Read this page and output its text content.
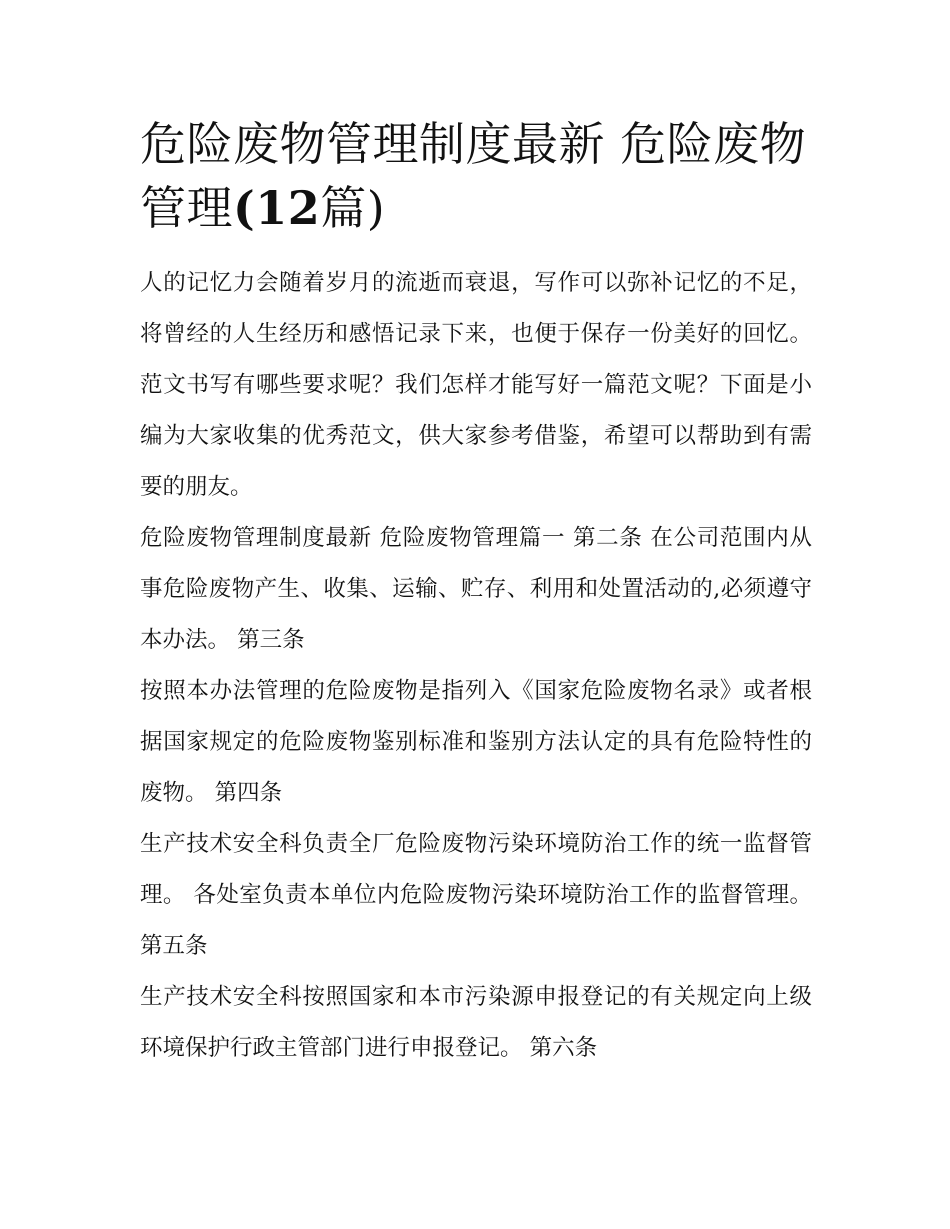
危险废物管理制度最新 危险废物管理(12篇)

人的记忆力会随着岁月的流逝而衰退，写作可以弥补记忆的不足，将曾经的人生经历和感悟记录下来，也便于保存一份美好的回忆。范文书写有哪些要求呢？我们怎样才能写好一篇范文呢？下面是小编为大家收集的优秀范文，供大家参考借鉴，希望可以帮助到有需要的朋友。

危险废物管理制度最新 危险废物管理篇一 第二条 在公司范围内从事危险废物产生、收集、运输、贮存、利用和处置活动的,必须遵守本办法。 第三条

按照本办法管理的危险废物是指列入《国家危险废物名录》或者根据国家规定的危险废物鉴别标准和鉴别方法认定的具有危险特性的废物。 第四条

生产技术安全科负责全厂危险废物污染环境防治工作的统一监督管理。 各处室负责本单位内危险废物污染环境防治工作的监督管理。 第五条

生产技术安全科按照国家和本市污染源申报登记的有关规定向上级环境保护行政主管部门进行申报登记。 第六条
